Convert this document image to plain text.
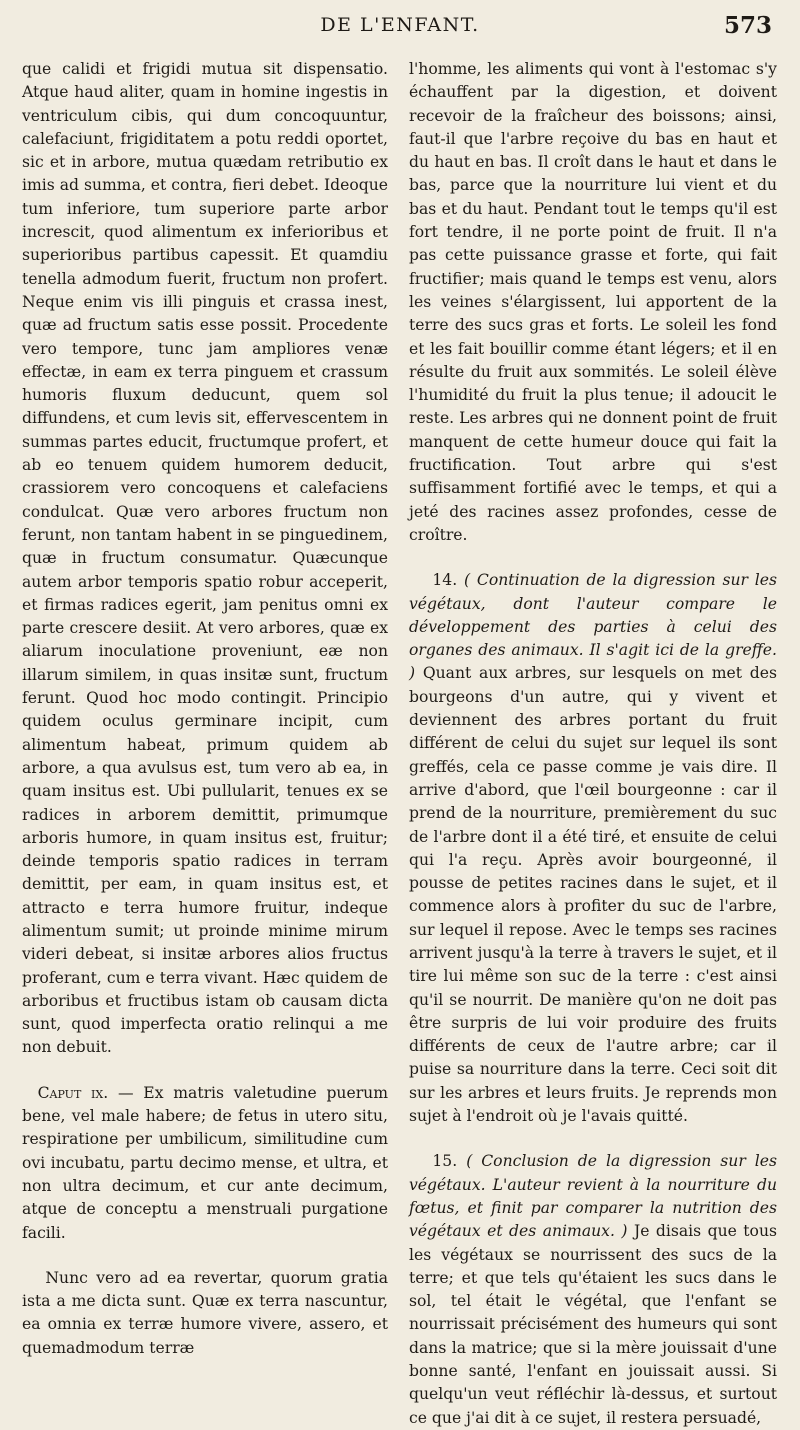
DE L'ENFANT.	573

que calidi et frigidi mutua sit dispensatio. Atque haud aliter, quam in homine ingestis in ventriculum cibis, qui dum concoquuntur, calefaciunt, frigiditatem a potu reddi oportet, sic et in arbore, mutua quædam retributio ex imis ad summa, et contra, fieri debet. Ideoque tum inferiore, tum superiore parte arbor increscit, quod alimentum ex inferioribus et superioribus partibus capessit. Et quamdiu tenella admodum fuerit, fructum non profert. Neque enim vis illi pinguis et crassa inest, quæ ad fructum satis esse possit. Procedente vero tempore, tunc jam ampliores venæ effectæ, in eam ex terra pinguem et crassum humoris fluxum deducunt, quem sol diffundens, et cum levis sit, effervescentem in summas partes educit, fructumque profert, et ab eo tenuem quidem humorem deducit, crassiorem vero concoquens et calefaciens condulcat. Quæ vero arbores fructum non ferunt, non tantam habent in se pinguedinem, quæ in fructum consumatur. Quæcunque autem arbor temporis spatio robur acceperit, et firmas radices egerit, jam penitus omni ex parte crescere desiit. At vero arbores, quæ ex aliarum inoculatione proveniunt, eæ non illarum similem, in quas insitæ sunt, fructum ferunt. Quod hoc modo contingit. Principio quidem oculus germinare incipit, cum alimentum habeat, primum quidem ab arbore, a qua avulsus est, tum vero ab ea, in quam insitus est. Ubi pullularit, tenues ex se radices in arborem demittit, primumque arboris humore, in quam insitus est, fruitur; deinde temporis spatio radices in terram demittit, per eam, in quam insitus est, et attracto e terra humore fruitur, indeque alimentum sumit; ut proinde minime mirum videri debeat, si insitæ arbores alios fructus proferant, cum e terra vivant. Hæc quidem de arboribus et fructibus istam ob causam dicta sunt, quod imperfecta oratio relinqui a me non debuit.

Caput ix. — Ex matris valetudine puerum bene, vel male habere; de fetus in utero situ, respiratione per umbilicum, similitudine cum ovi incubatu, partu decimo mense, et ultra, et non ultra decimum, et cur ante decimum, atque de conceptu a menstruali purgatione facili.

Nunc vero ad ea revertar, quorum gratia ista a me dicta sunt. Quæ ex terra nascuntur, ea omnia ex terræ humore vivere, assero, et quemadmodum terræ

l'homme, les aliments qui vont à l'estomac s'y échauffent par la digestion, et doivent recevoir de la fraîcheur des boissons; ainsi, faut-il que l'arbre reçoive du bas en haut et du haut en bas. Il croît dans le haut et dans le bas, parce que la nourriture lui vient et du bas et du haut. Pendant tout le temps qu'il est fort tendre, il ne porte point de fruit. Il n'a pas cette puissance grasse et forte, qui fait fructifier; mais quand le temps est venu, alors les veines s'élargissent, lui apportent de la terre des sucs gras et forts. Le soleil les fond et les fait bouillir comme étant légers; et il en résulte du fruit aux sommités. Le soleil élève l'humidité du fruit la plus tenue; il adoucit le reste. Les arbres qui ne donnent point de fruit manquent de cette humeur douce qui fait la fructification. Tout arbre qui s'est suffisamment fortifié avec le temps, et qui a jeté des racines assez profondes, cesse de croître.

14. ( Continuation de la digression sur les végétaux, dont l'auteur compare le développement des parties à celui des organes des animaux. Il s'agit ici de la greffe. ) Quant aux arbres, sur lesquels on met des bourgeons d'un autre, qui y vivent et deviennent des arbres portant du fruit différent de celui du sujet sur lequel ils sont greffés, cela ce passe comme je vais dire. Il arrive d'abord, que l'œil bourgeonne : car il prend de la nourriture, premièrement du suc de l'arbre dont il a été tiré, et ensuite de celui qui l'a reçu. Après avoir bourgeonné, il pousse de petites racines dans le sujet, et il commence alors à profiter du suc de l'arbre, sur lequel il repose. Avec le temps ses racines arrivent jusqu'à la terre à travers le sujet, et il tire lui même son suc de la terre : c'est ainsi qu'il se nourrit. De manière qu'on ne doit pas être surpris de lui voir produire des fruits différents de ceux de l'autre arbre; car il puise sa nourriture dans la terre. Ceci soit dit sur les arbres et leurs fruits. Je reprends mon sujet à l'endroit où je l'avais quitté.

15. ( Conclusion de la digression sur les végétaux. L'auteur revient à la nourriture du fœtus, et finit par comparer la nutrition des végétaux et des animaux. ) Je disais que tous les végétaux se nourrissent des sucs de la terre; et que tels qu'étaient les sucs dans le sol, tel était le végétal, que l'enfant se nourrissait précisément des humeurs qui sont dans la matrice; que si la mère jouissait d'une bonne santé, l'enfant en jouissait aussi. Si quelqu'un veut réfléchir là-dessus, et surtout ce que j'ai dit à ce sujet, il restera persuadé,
